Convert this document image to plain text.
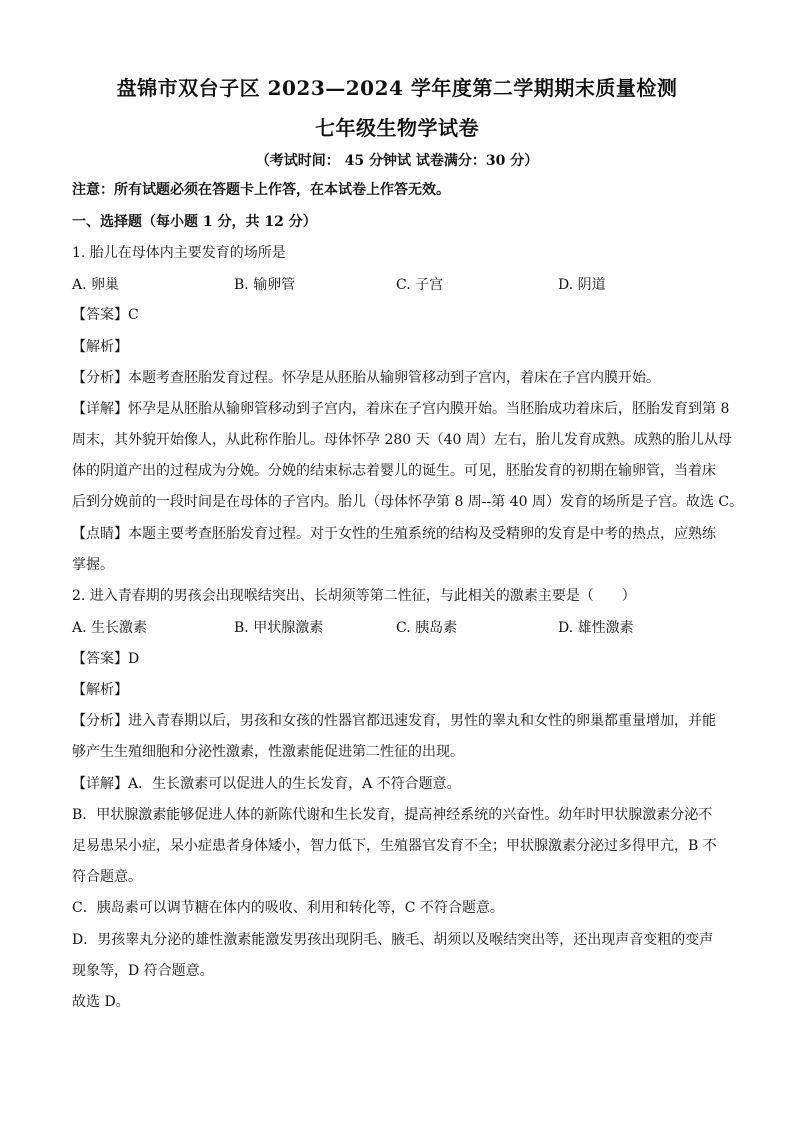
盘锦市双台子区 2023—2024 学年度第二学期期末质量检测
七年级生物学试卷
（考试时间： 45 分钟试 试卷满分：30 分）
注意：所有试题必须在答题卡上作答，在本试卷上作答无效。
一、选择题（每小题 1 分，共 12 分）
1. 胎儿在母体内主要发育的场所是
A. 卵巢	B. 输卵管	C. 子宫	D. 阴道
【答案】C
【解析】
【分析】本题考查胚胎发育过程。怀孕是从胚胎从输卵管移动到子宫内，着床在子宫内膜开始。
【详解】怀孕是从胚胎从输卵管移动到子宫内，着床在子宫内膜开始。当胚胎成功着床后，胚胎发育到第 8
周末，其外貌开始像人，从此称作胎儿。母体怀孕 280 天（40 周）左右，胎儿发育成熟。成熟的胎儿从母
体的阴道产出的过程成为分娩。分娩的结束标志着婴儿的诞生。可见，胚胎发育的初期在输卵管，当着床
后到分娩前的一段时间是在母体的子宫内。胎儿（母体怀孕第 8 周--第 40 周）发育的场所是子宫。故选 C。
【点睛】本题主要考查胚胎发育过程。对于女性的生殖系统的结构及受精卵的发育是中考的热点，应熟练
掌握。
2. 进入青春期的男孩会出现喉结突出、长胡须等第二性征，与此相关的激素主要是（　　）
A. 生长激素	B. 甲状腺激素	C. 胰岛素	D. 雄性激素
【答案】D
【解析】
【分析】进入青春期以后，男孩和女孩的性器官都迅速发育，男性的睾丸和女性的卵巢都重量增加，并能
够产生生殖细胞和分泌性激素，性激素能促进第二性征的出现。
【详解】A．生长激素可以促进人的生长发育，A 不符合题意。
B．甲状腺激素能够促进人体的新陈代谢和生长发育，提高神经系统的兴奋性。幼年时甲状腺激素分泌不
足易患呆小症，呆小症患者身体矮小，智力低下，生殖器官发育不全；甲状腺激素分泌过多得甲亢，B 不
符合题意。
C．胰岛素可以调节糖在体内的吸收、利用和转化等，C 不符合题意。
D．男孩睾丸分泌的雄性激素能激发男孩出现阴毛、腋毛、胡须以及喉结突出等，还出现声音变粗的变声
现象等，D 符合题意。
故选 D。
